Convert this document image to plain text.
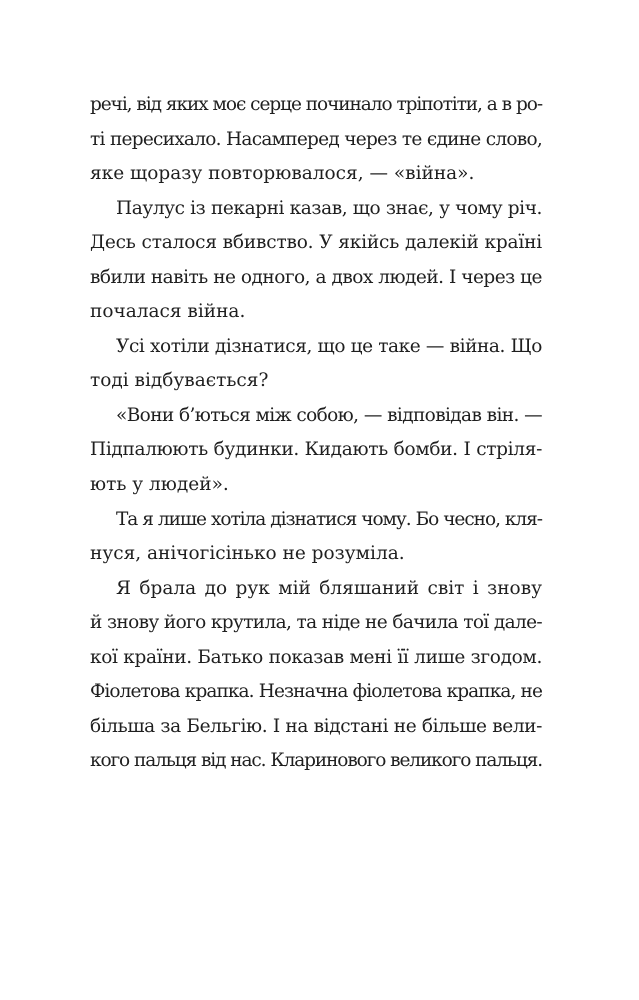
речі, від яких моє серце починало тріпотіти, а в ро-
ті пересихало. Насамперед через те єдине слово,
яке щоразу повторювалося, — «війна».
Паулус із пекарні казав, що знає, у чому річ.
Десь сталося вбивство. У якійсь далекій країні
вбили навіть не одного, а двох людей. І через це
почалася війна.
Усі хотіли дізнатися, що це таке — війна. Що
тоді відбувається?
«Вони б’ються між собою, — відповідав він. —
Підпалюють будинки. Кидають бомби. І стріля-
ють у людей».
Та я лише хотіла дізнатися чому. Бо чесно, кля-
нуся, анічогісінько не розуміла.
Я брала до рук мій бляшаний світ і знову
й знову його крутила, та ніде не бачила тої дале-
кої країни. Батько показав мені її лише згодом.
Фіолетова крапка. Незначна фіолетова крапка, не
більша за Бельгію. І на відстані не більше вели-
кого пальця від нас. Кларинового великого пальця.
